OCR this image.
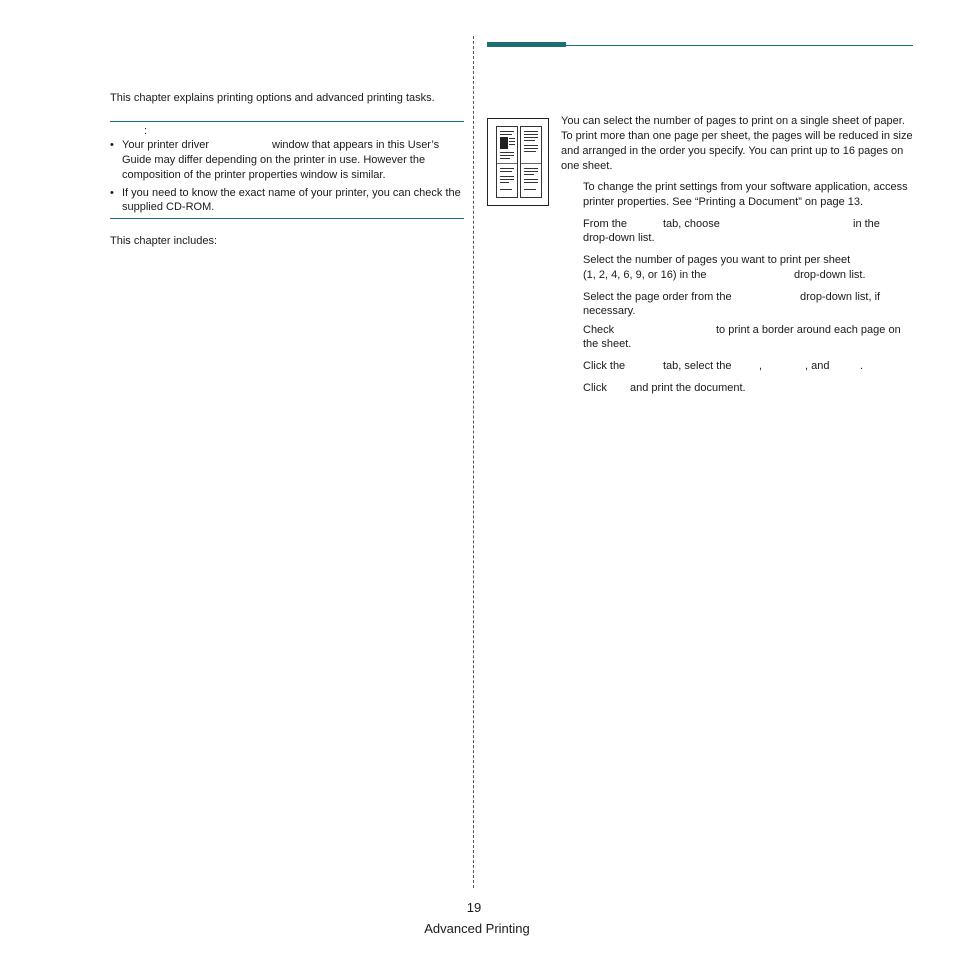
This chapter explains printing options and advanced printing tasks.
:
• Your printer driver	window that appears in this User’s
Guide may differ depending on the printer in use. However the
composition of the printer properties window is similar.
• If you need to know the exact name of your printer, you can check the
supplied CD-ROM.
This chapter includes:
You can select the number of pages to print on a single sheet of paper.
To print more than one page per sheet, the pages will be reduced in size
and arranged in the order you specify. You can print up to 16 pages on
one sheet.
To change the print settings from your software application, access
printer properties. See “Printing a Document” on page 13.
From the	tab, choose	in the
drop-down list.
Select the number of pages you want to print per sheet
(1, 2, 4, 6, 9, or 16) in the	drop-down list.
Select the page order from the	drop-down list, if
necessary.
Check	to print a border around each page on
the sheet.
Click the	tab, select the	,	, and	.
Click and print the document.
19
Advanced Printing
